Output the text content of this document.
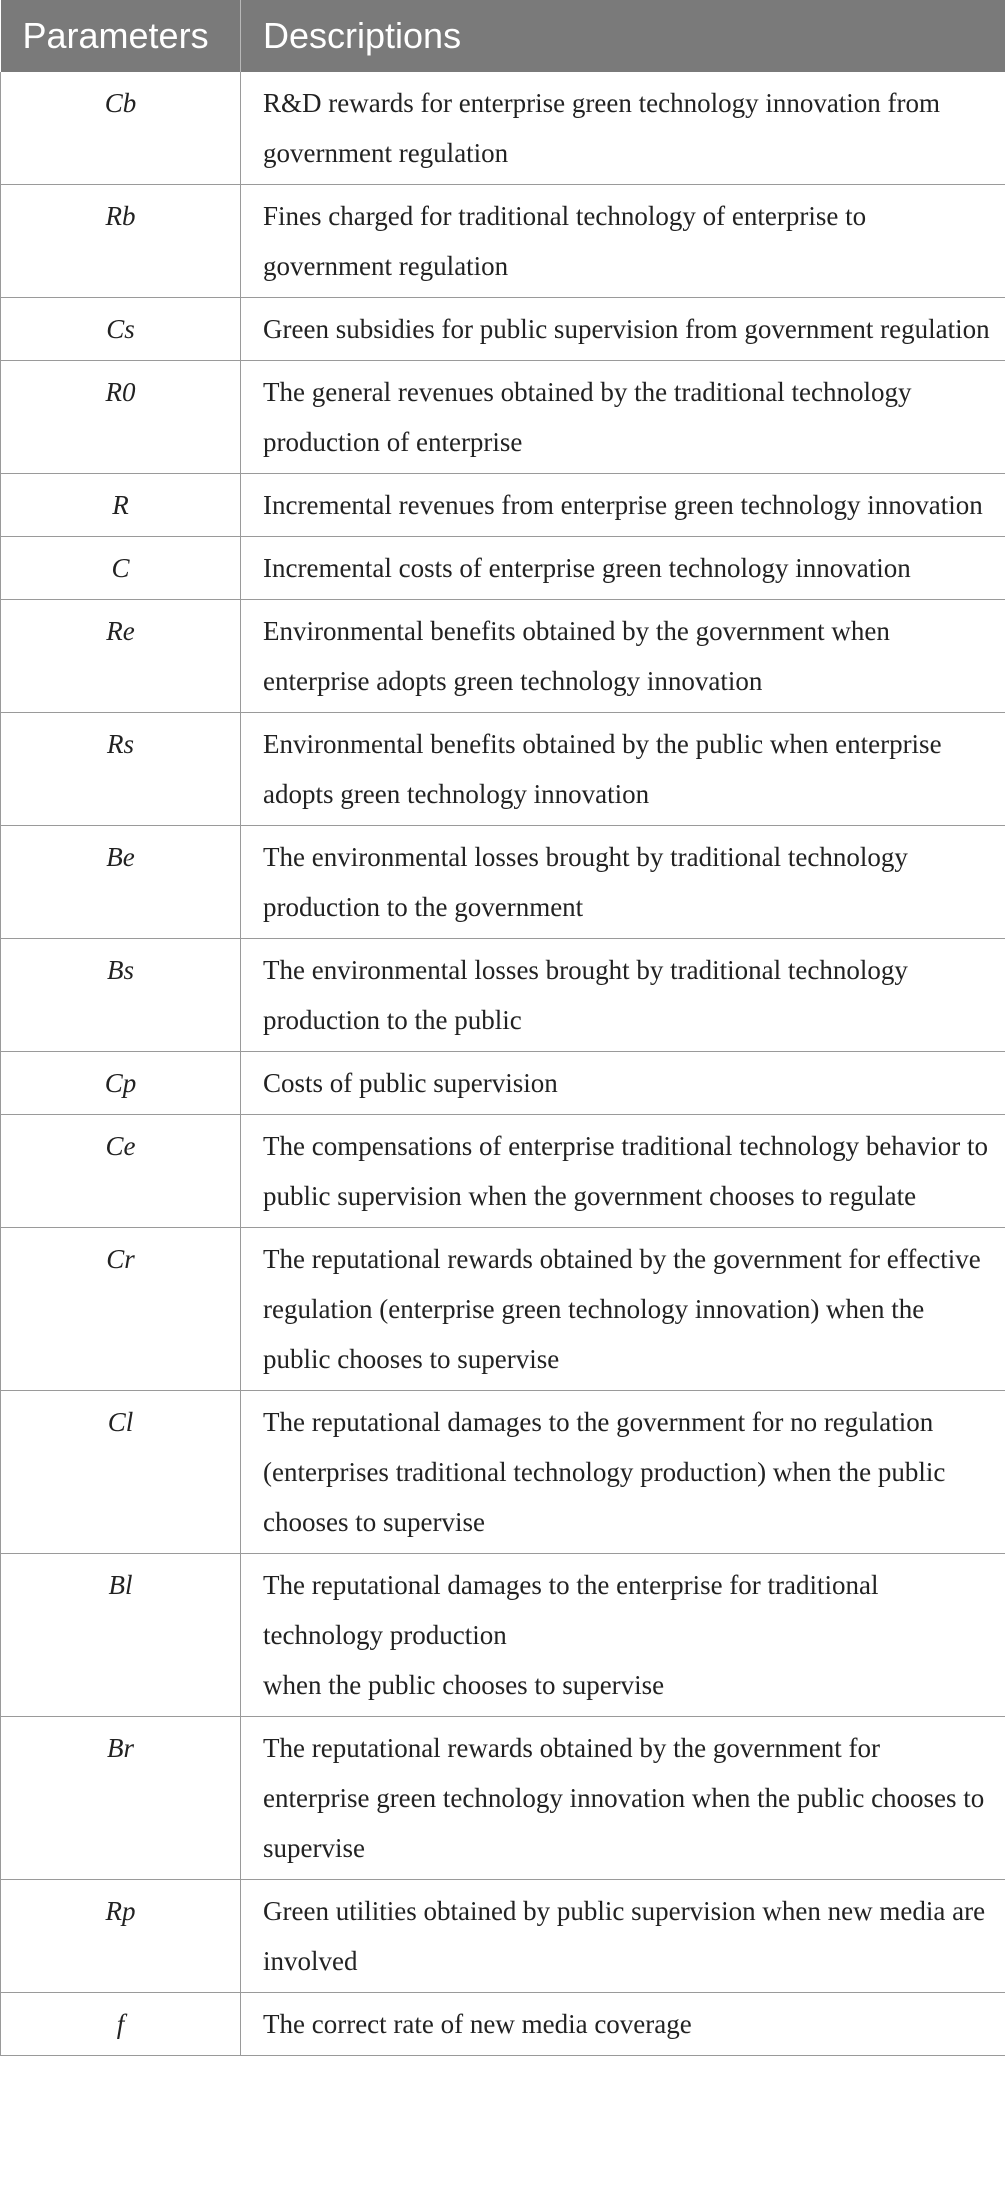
Parameters	Descriptions
Cb	R&D rewards for enterprise green technology innovation from government regulation

Rb	Fines charged for traditional technology of enterprise to government regulation

Cs	Green subsidies for public supervision from government regulation

R0	The general revenues obtained by the traditional technology production of enterprise

R	Incremental revenues from enterprise green technology innovation

C	Incremental costs of enterprise green technology innovation

Re	Environmental benefits obtained by the government when enterprise adopts green technology innovation

Rs	Environmental benefits obtained by the public when enterprise adopts green technology innovation

Be	The environmental losses brought by traditional technology production to the government

Bs	The environmental losses brought by traditional technology production to the public

Cp	Costs of public supervision

Ce	The compensations of enterprise traditional technology behavior to public supervision when the government chooses to regulate

Cr	The reputational rewards obtained by the government for effective regulation (enterprise green technology innovation) when the public chooses to supervise

Cl	The reputational damages to the government for no regulation (enterprises traditional technology production) when the public chooses to supervise

Bl	The reputational damages to the enterprise for traditional technology production
when the public chooses to supervise

Br	The reputational rewards obtained by the government for enterprise green technology innovation when the public chooses to supervise

Rp	Green utilities obtained by public supervision when new media are involved

f	The correct rate of new media coverage
